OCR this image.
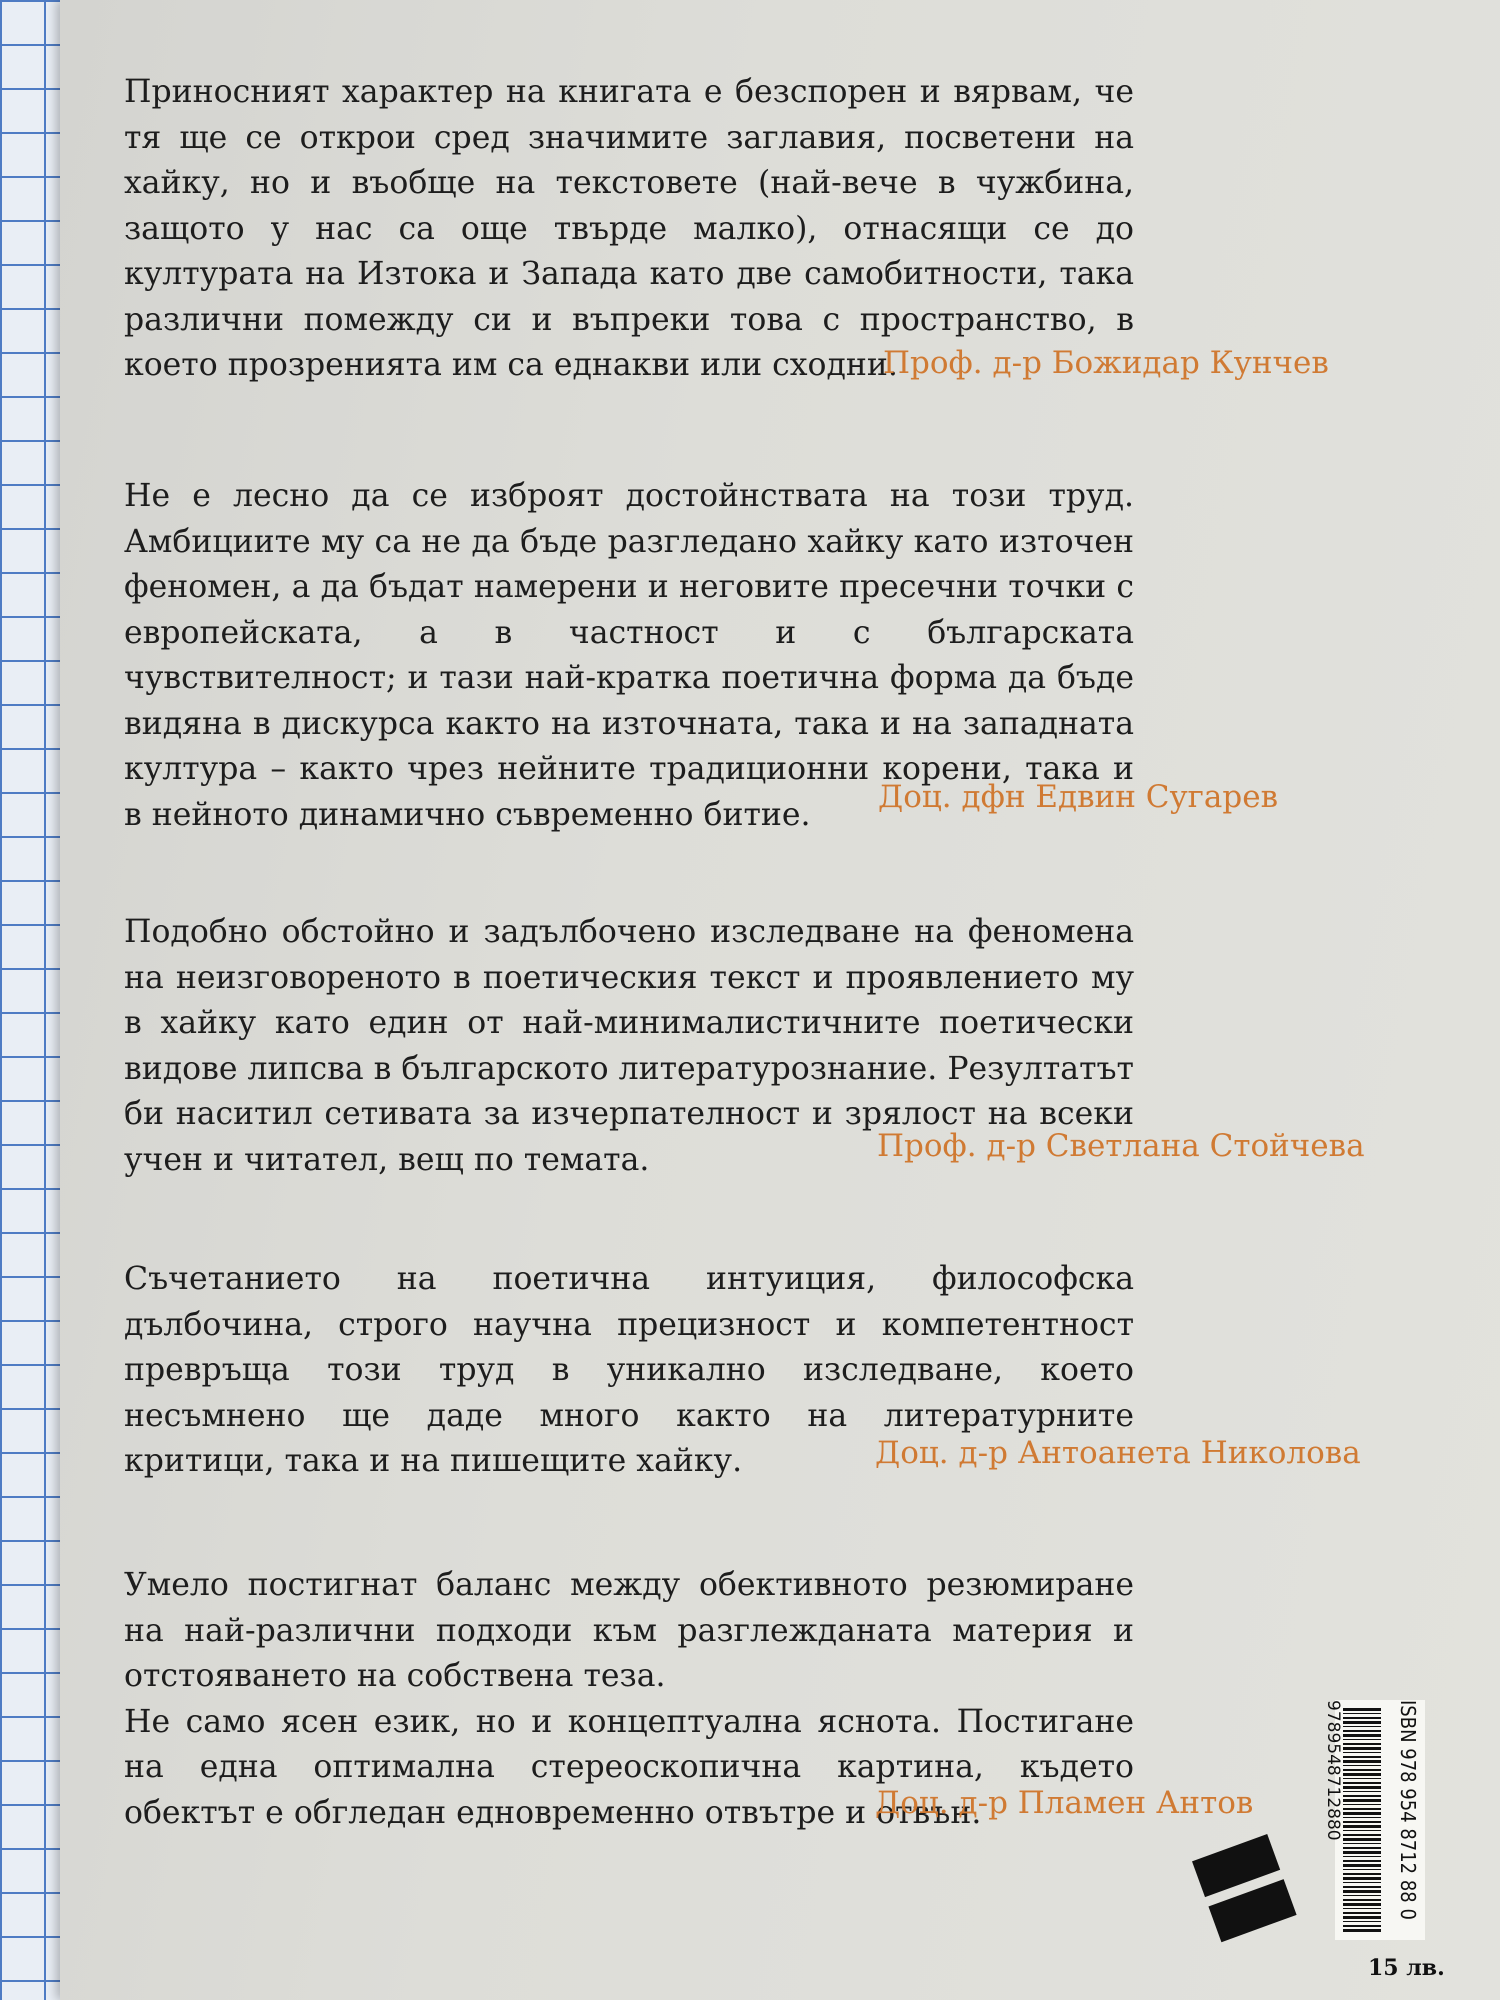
Приносният характер на книгата е безспорен и вярвам, че тя ще се открои сред значимите заглавия, посветени на хайку, но и въобще на текстовете (най-вече в чужбина, защото у нас са още твърде малко), отнасящи се до културата на Изтока и Запада като две самобитности, така различни помежду си и въпреки това с пространство, в което прозренията им са еднакви или сходни.

Проф. д-р Божидар Кунчев

Не е лесно да се изброят достойнствата на този труд. Амбициите му са не да бъде разгледано хайку като източен феномен, а да бъдат намерени и неговите пресечни точки с европейската, а в частност и с българската чувствителност; и тази най-кратка поетична форма да бъде видяна в дискурса както на източната, така и на западната култура – както чрез нейните традиционни корени, така и в нейното динамично съвременно битие.	Доц. дфн Едвин Сугарев

Подобно обстойно и задълбочено изследване на феномена на неизговореното в поетическия текст и проявлението му в хайку като един от най-минималистичните поетически видове липсва в българското литературознание. Резултатът би наситил сетивата за изчерпателност и зрялост на всеки учен и читател, вещ по темата.	Проф. д-р Светлана Стойчева

Съчетанието на поетична интуиция, философска дълбочина, строго научна прецизност и компетентност превръща този труд в уникално изследване, което несъмнено ще даде много както на литературните критици, така и на пишещите хайку.	Доц. д-р Антоанета Николова

Умело постигнат баланс между обективното резюмиране на най-различни подходи към разглежданата материя и отстояването на собствена теза.

Не само ясен език, но и концептуална яснота. Постигане на една оптимална стереоскопична картина, където обектът е обгледан едновременно отвътре и отвън.

Доц. д-р Пламен Антов	ISBN 978 954 8712 88 0
9789548712880
15 лв.
